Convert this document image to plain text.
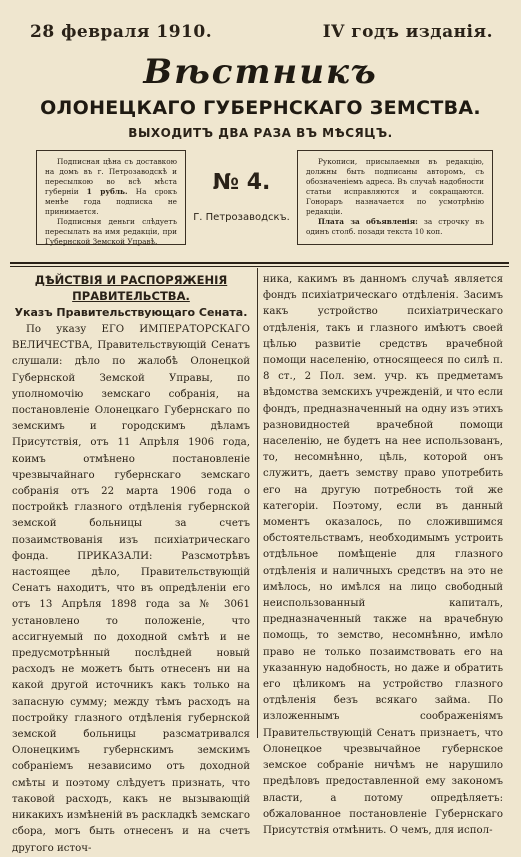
28 февраля 1910.	IV годъ изданія.
Вѣстникъ
ОЛОНЕЦКАГО ГУБЕРНСКАГО ЗЕМСТВА.
ВЫХОДИТЪ ДВА РАЗА ВЪ МѢСЯЦЪ.

Подписная цѣна съ доставкою на домъ въ г. Петрозаводскѣ и пересылкою во всѣ мѣста губерніи 1 рубль. На срокъ менѣе года подписка не принимается.

Подписныя деньги слѣдуетъ пересылать на имя редакціи, при Губернской Земской Управѣ.

№ 4.
Г. Петрозаводскъ.

Рукописи, присылаемыя въ редакцію, должны быть подписаны авторомъ, съ обозначеніемъ адреса. Въ случаѣ надобности статьи исправляются и сокращаются. Гонораръ назначается по усмотрѣнію редакціи.

Плата за объявленія: за строчку въ одинъ столб. позади текста 10 коп.

ДѢЙСТВІЯ И РАСПОРЯЖЕНІЯ ПРАВИТЕЛЬСТВА.

Указъ Правительствующаго Сената.

По указу ЕГО ИМПЕРАТОРСКАГО ВЕЛИЧЕСТВА, Правительствующій Сенатъ слушали: дѣло по жалобѣ Олонецкой Губернской Земской Управы, по уполномочію земскаго собранія, на постановленіе Олонецкаго Губернскаго по земскимъ и городскимъ дѣламъ Присутствія, отъ 11 Апрѣля 1906 года, коимъ отмѣнено постановленіе чрезвычайнаго губернскаго земскаго собранія отъ 22 марта 1906 года о постройкѣ глазного отдѣленія губернской земской больницы за счетъ позаимствованія изъ психіатрическаго фонда. ПРИКАЗАЛИ: Разсмотрѣвъ настоящее дѣло, Правительствующій Сенатъ находитъ, что въ опредѣленіи его отъ 13 Апрѣля 1898 года за № 3061 установлено то положеніе, что ассигнуемый по доходной смѣтѣ и не предусмотрѣнный послѣдней новый расходъ не можетъ быть отнесенъ ни на какой другой источникъ какъ только на запасную сумму; между тѣмъ расходъ на постройку глазного отдѣленія губернской земской больницы разсматривался Олонецкимъ губернскимъ земскимъ собраніемъ независимо отъ доходной смѣты и поэтому слѣдуетъ признать, что таковой расходъ, какъ не вызывающій никакихъ измѣненій въ раскладкѣ земскаго сбора, могъ быть отнесенъ и на счетъ другого источ-

ника, какимъ въ данномъ случаѣ является фондъ психіатрическаго отдѣленія. Засимъ какъ устройство психіатрическаго отдѣленія, такъ и глазного имѣютъ своей цѣлью развитіе средствъ врачебной помощи населенію, относящееся по силѣ п. 8 ст., 2 Пол. зем. учр. къ предметамъ вѣдомства земскихъ учрежденій, и что если фондъ, предназначенный на одну изъ этихъ разновидностей врачебной помощи населенію, не будетъ на нее использованъ, то, несомнѣнно, цѣль, которой онъ служитъ, даетъ земству право употребить его на другую потребность той же категоріи. Поэтому, если въ данный моментъ оказалось, по сложившимся обстоятельствамъ, необходимымъ устроить отдѣльное помѣщеніе для глазного отдѣленія и наличныхъ средствъ на это не имѣлось, но имѣлся на лицо свободный неиспользованный капиталъ, предназначенный также на врачебную помощь, то земство, несомнѣнно, имѣло право не только позаимствовать его на указанную надобность, но даже и обратить его цѣликомъ на устройство глазного отдѣленія безъ всякаго займа. По изложеннымъ соображеніямъ Правительствующій Сенатъ признаетъ, что Олонецкое чрезвычайное губернское земское собраніе ничѣмъ не нарушило предѣловъ предоставленной ему закономъ власти, а потому опредѣляетъ: обжалованное постановленіе Губернскаго Присутствія отмѣнить. О чемъ, для испол-
